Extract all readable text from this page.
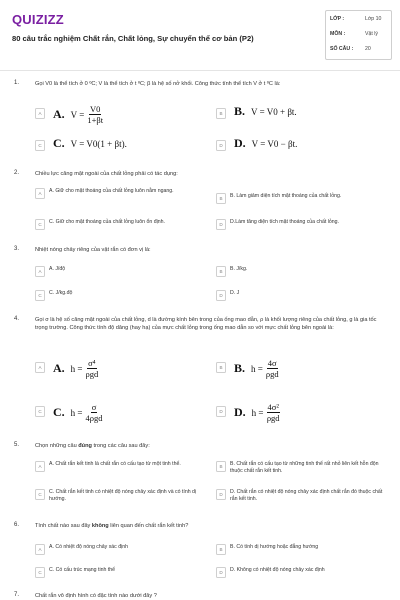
QUIZIZZ
80 câu trắc nghiệm Chất rắn, Chất lỏng, Sự chuyển thể cơ bản (P2)
LỚP :	Lớp 10
MÔN :	Vật lý
SỐ CÂU : 20
1.	Gọi V0 là thể tích ở 0 ºC; V là thể tích ở t ºC; β là hệ số nở khối. Công thức tính thể tích V ở t ºC là:
A A. $V = \frac{V0}{1+\beta t}$	B B. V = V0 + βt.
C C. V = V0(1 + βt).	D D. V = V0 − βt.
2.	Chiều lực căng mặt ngoài của chất lỏng phải có tác dụng:
A	A. Giữ cho mặt thoáng của chất lỏng luôn nằm ngang.
B	B. Làm giảm diện tích mặt thoáng của chất lỏng.
C	C. Giữ cho mặt thoáng của chất lỏng luôn ổn định.	D	D.Làm tăng diện tích mặt thoáng của chất lỏng.
3.	Nhiệt nóng chảy riêng của vật rắn có đơn vị là:
A	A. J/độ	B	B. J/kg.
C	C. J/kg.độ	D	D. J
4.	Gọi σ là hệ số căng mặt ngoài của chất lỏng, d là đường kính bên trong của ống mao dẫn, ρ là khối lượng riêng của chất lỏng, g là gia tốc trọng trường. Công thức tính độ dâng (hay hạ) của mực chất lỏng trong ống mao dẫn so với mực chất lỏng bên ngoài là:
A A. $h = \frac{\text{σ⁴}}{\text{ρgd}}$	B B. $h = \frac{4\sigma}{\text{ρgd}}$
C C. $h = \frac{\sigma}{\text{4ρgd}}$	D D. $h = \frac{\text{4σ²}}{\text{ρgd}}$
5.	Chọn những câu đúng trong các câu sau đây:
A	A. Chất rắn kết tinh là chất rắn có cấu tạo từ một tinh thể.	B	B. Chất rắn có cấu tạo từ những tinh thể rất nhỏ liên kết hỗn độn thuộc chất rắn kết tinh.
C	C. Chất rắn kết tinh có nhiệt độ nóng chảy xác định và có tính dị hướng.
D	D. Chất rắn có nhiệt độ nóng chảy xác định chất rắn đó thuộc chất rắn kết tinh.
6.	Tính chất nào sau đây không liên quan đến chất rắn kết tinh?
A	A. Có nhiệt độ nóng chảy xác định	B	B. Có tính dị hướng hoặc đẳng hướng
C	C. Có cấu trúc mạng tinh thể	D	D. Không có nhiệt độ nóng chảy xác định
7.	Chất rắn vô định hình có đặc tính nào dưới đây ?
